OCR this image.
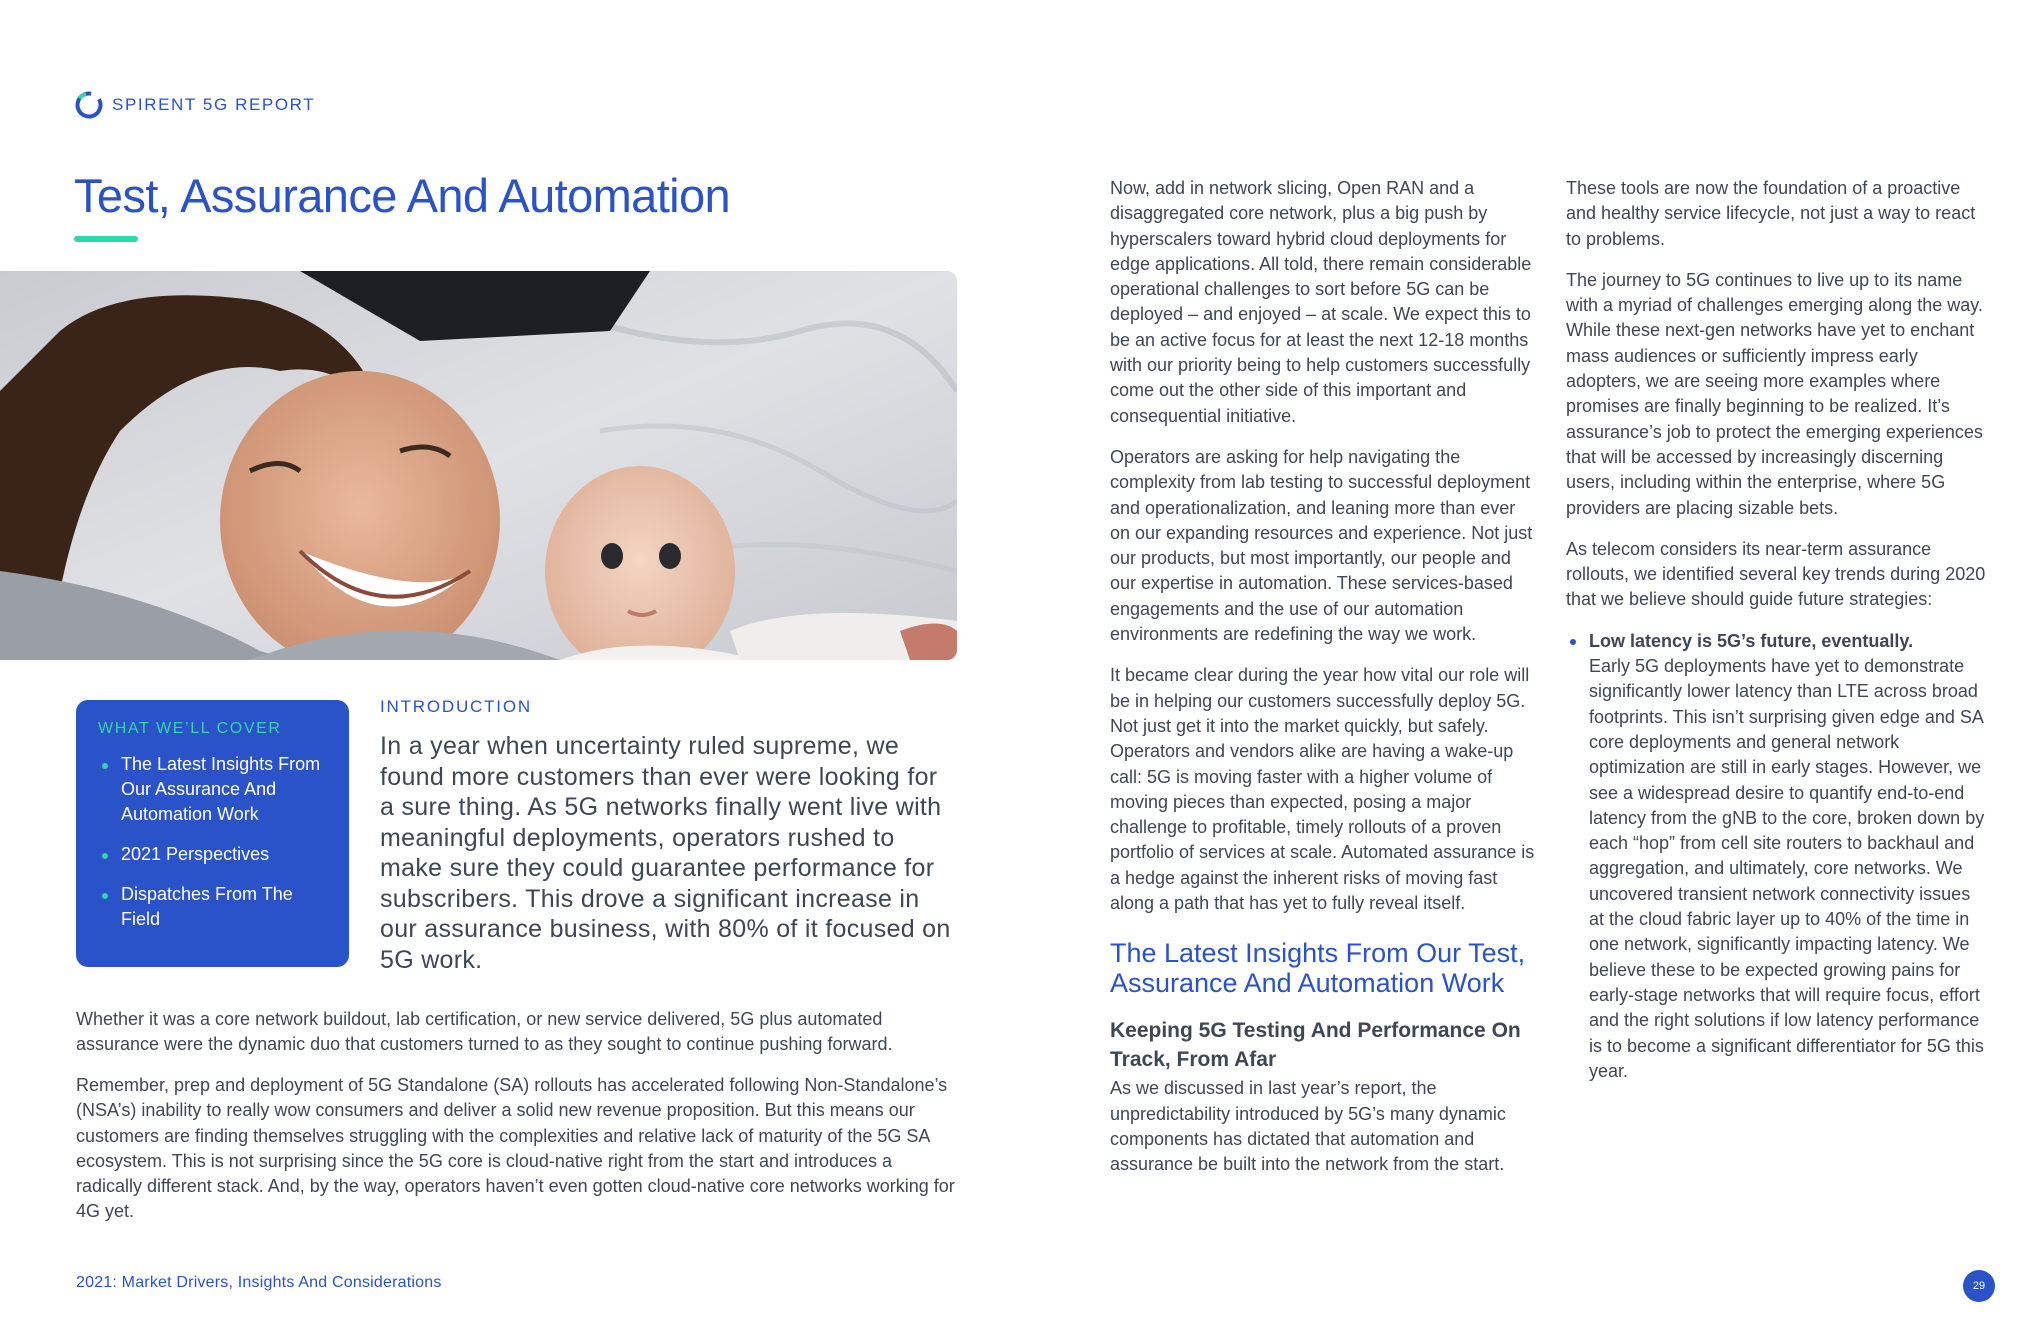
SPIRENT 5G REPORT
Test, Assurance And Automation

WHAT WE’LL COVER

The Latest Insights From Our Assurance And Automation Work
2021 Perspectives
Dispatches From The Field
INTRODUCTION

In a year when uncertainty ruled supreme, we found more customers than ever were looking for a sure thing. As 5G networks finally went live with meaningful deployments, operators rushed to make sure they could guarantee performance for subscribers. This drove a significant increase in our assurance business, with 80% of it focused on 5G work.

Whether it was a core network buildout, lab certification, or new service delivered, 5G plus automated assurance were the dynamic duo that customers turned to as they sought to continue pushing forward.

Remember, prep and deployment of 5G Standalone (SA) rollouts has accelerated following Non-Standalone’s (NSA’s) inability to really wow consumers and deliver a solid new revenue proposition. But this means our customers are finding themselves struggling with the complexities and relative lack of maturity of the 5G SA ecosystem. This is not surprising since the 5G core is cloud-native right from the start and introduces a radically different stack. And, by the way, operators haven’t even gotten cloud-native core networks working for 4G yet.

Now, add in network slicing, Open RAN and a disaggregated core network, plus a big push by hyperscalers toward hybrid cloud deployments for edge applications. All told, there remain considerable operational challenges to sort before 5G can be deployed – and enjoyed – at scale. We expect this to be an active focus for at least the next 12-18 months with our priority being to help customers successfully come out the other side of this important and consequential initiative.

Operators are asking for help navigating the complexity from lab testing to successful deployment and operationalization, and leaning more than ever on our expanding resources and experience. Not just our products, but most importantly, our people and our expertise in automation. These services-based engagements and the use of our automation environments are redefining the way we work.

It became clear during the year how vital our role will be in helping our customers successfully deploy 5G. Not just get it into the market quickly, but safely. Operators and vendors alike are having a wake-up call: 5G is moving faster with a higher volume of moving pieces than expected, posing a major challenge to profitable, timely rollouts of a proven portfolio of services at scale. Automated assurance is a hedge against the inherent risks of moving fast along a path that has yet to fully reveal itself.

The Latest Insights From Our Test, Assurance And Automation Work
Keeping 5G Testing And Performance On Track, From Afar

As we discussed in last year’s report, the unpredictability introduced by 5G’s many dynamic components has dictated that automation and assurance be built into the network from the start.

These tools are now the foundation of a proactive and healthy service lifecycle, not just a way to react to problems.

The journey to 5G continues to live up to its name with a myriad of challenges emerging along the way. While these next-gen networks have yet to enchant mass audiences or sufficiently impress early adopters, we are seeing more examples where promises are finally beginning to be realized. It’s assurance’s job to protect the emerging experiences that will be accessed by increasingly discerning users, including within the enterprise, where 5G providers are placing sizable bets.

As telecom considers its near-term assurance rollouts, we identified several key trends during 2020 that we believe should guide future strategies:

Low latency is 5G’s future, eventually.
Early 5G deployments have yet to demonstrate significantly lower latency than LTE across broad footprints. This isn’t surprising given edge and SA core deployments and general network optimization are still in early stages. However, we see a widespread desire to quantify end-to-end latency from the gNB to the core, broken down by each “hop” from cell site routers to backhaul and aggregation, and ultimately, core networks. We uncovered transient network connectivity issues at the cloud fabric layer up to 40% of the time in one network, significantly impacting latency. We believe these to be expected growing pains for early-stage networks that will require focus, effort and the right solutions if low latency performance is to become a significant differentiator for 5G this year.
2021: Market Drivers, Insights And Considerations	29
